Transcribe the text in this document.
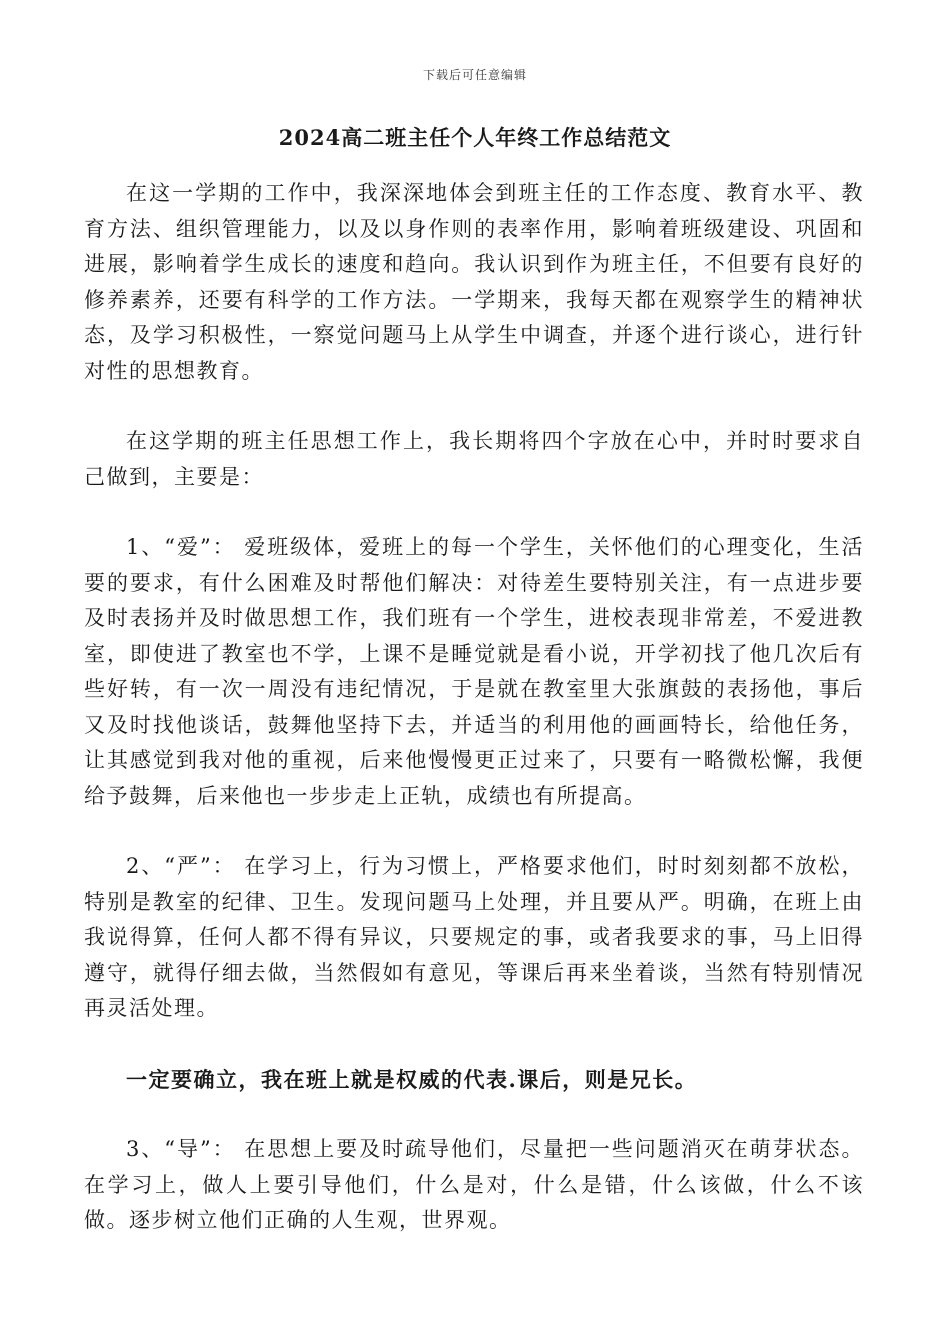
下载后可任意编辑
2024高二班主任个人年终工作总结范文

在这一学期的工作中，我深深地体会到班主任的工作态度、教育水平、教育方法、组织管理能力，以及以身作则的表率作用，影响着班级建设、巩固和进展，影响着学生成长的速度和趋向。我认识到作为班主任，不但要有良好的修养素养，还要有科学的工作方法。一学期来，我每天都在观察学生的精神状态，及学习积极性，一察觉问题马上从学生中调查，并逐个进行谈心，进行针对性的思想教育。

在这学期的班主任思想工作上，我长期将四个字放在心中，并时时要求自己做到，主要是：

1、“爱”： 爱班级体，爱班上的每一个学生，关怀他们的心理变化，生活要的要求，有什么困难及时帮他们解决：对待差生要特别关注，有一点进步要及时表扬并及时做思想工作，我们班有一个学生，进校表现非常差，不爱进教室，即使进了教室也不学，上课不是睡觉就是看小说，开学初找了他几次后有些好转，有一次一周没有违纪情况，于是就在教室里大张旗鼓的表扬他，事后又及时找他谈话，鼓舞他坚持下去，并适当的利用他的画画特长，给他任务，让其感觉到我对他的重视，后来他慢慢更正过来了，只要有一略微松懈，我便给予鼓舞，后来他也一步步走上正轨，成绩也有所提高。

2、“严”： 在学习上，行为习惯上，严格要求他们，时时刻刻都不放松，特别是教室的纪律、卫生。发现问题马上处理，并且要从严。明确，在班上由我说得算，任何人都不得有异议，只要规定的事，或者我要求的事，马上旧得遵守，就得仔细去做，当然假如有意见，等课后再来坐着谈，当然有特别情况再灵活处理。

一定要确立，我在班上就是权威的代表.课后，则是兄长。

3、“导”： 在思想上要及时疏导他们，尽量把一些问题消灭在萌芽状态。在学习上，做人上要引导他们，什么是对，什么是错，什么该做，什么不该做。逐步树立他们正确的人生观，世界观。
